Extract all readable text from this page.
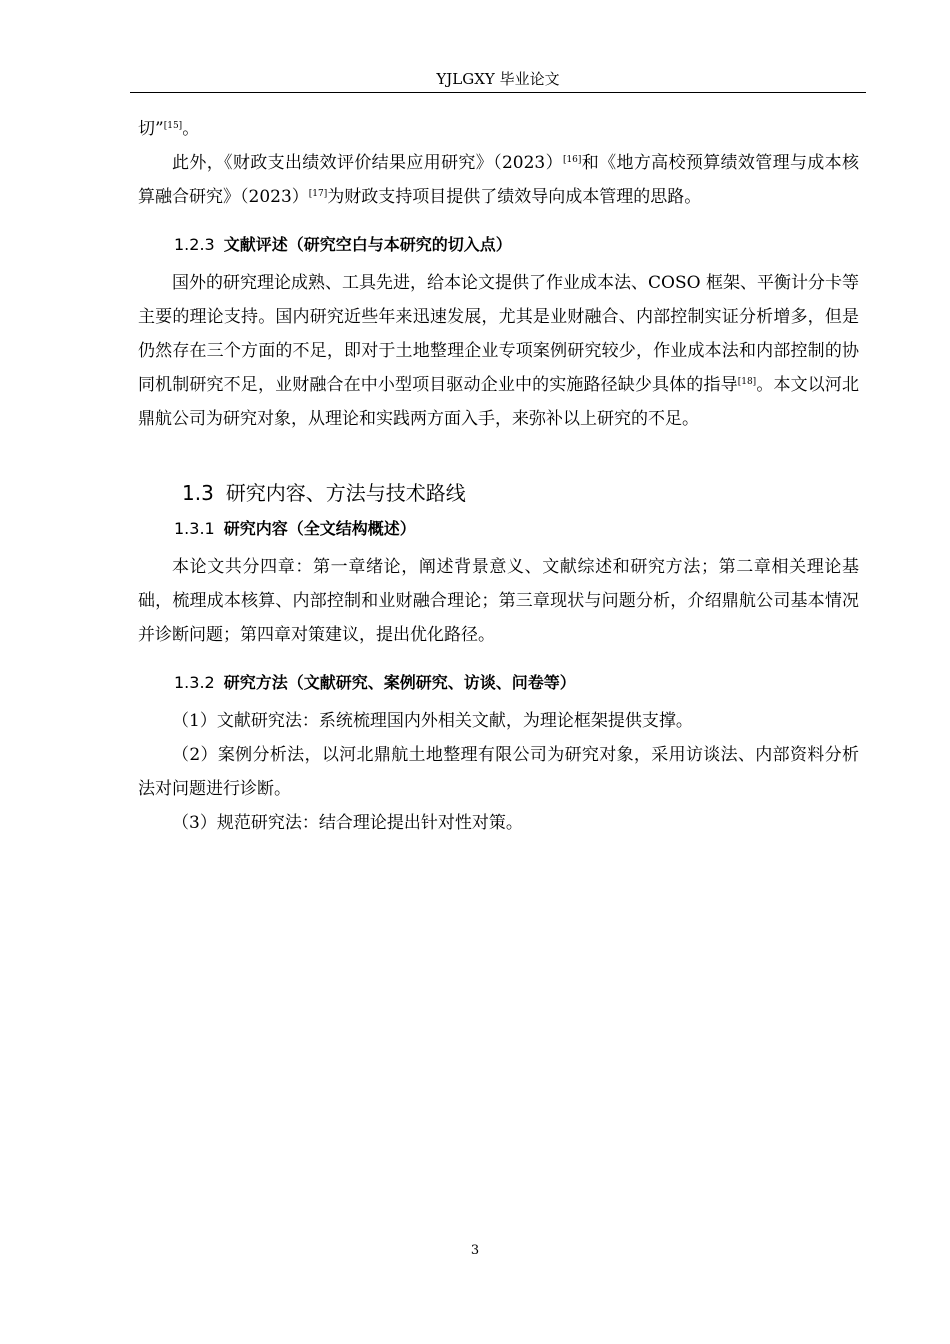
YJLGXY 毕业论文

切”[15]。

此外，《财政支出绩效评价结果应用研究》（2023）[16]和《地方高校预算绩效管理与成本核算融合研究》（2023）[17]为财政支持项目提供了绩效导向成本管理的思路。

1.2.3 文献评述（研究空白与本研究的切入点）

国外的研究理论成熟、工具先进，给本论文提供了作业成本法、COSO 框架、平衡计分卡等主要的理论支持。国内研究近些年来迅速发展，尤其是业财融合、内部控制实证分析增多，但是仍然存在三个方面的不足，即对于土地整理企业专项案例研究较少，作业成本法和内部控制的协同机制研究不足，业财融合在中小型项目驱动企业中的实施路径缺少具体的指导[18]。本文以河北鼎航公司为研究对象，从理论和实践两方面入手，来弥补以上研究的不足。

1.3 研究内容、方法与技术路线
1.3.1 研究内容（全文结构概述）

本论文共分四章：第一章绪论，阐述背景意义、文献综述和研究方法；第二章相关理论基础，梳理成本核算、内部控制和业财融合理论；第三章现状与问题分析，介绍鼎航公司基本情况并诊断问题；第四章对策建议，提出优化路径。

1.3.2 研究方法（文献研究、案例研究、访谈、问卷等）

（1）文献研究法：系统梳理国内外相关文献，为理论框架提供支撑。

（2）案例分析法，以河北鼎航土地整理有限公司为研究对象，采用访谈法、内部资料分析法对问题进行诊断。

（3）规范研究法：结合理论提出针对性对策。

3
